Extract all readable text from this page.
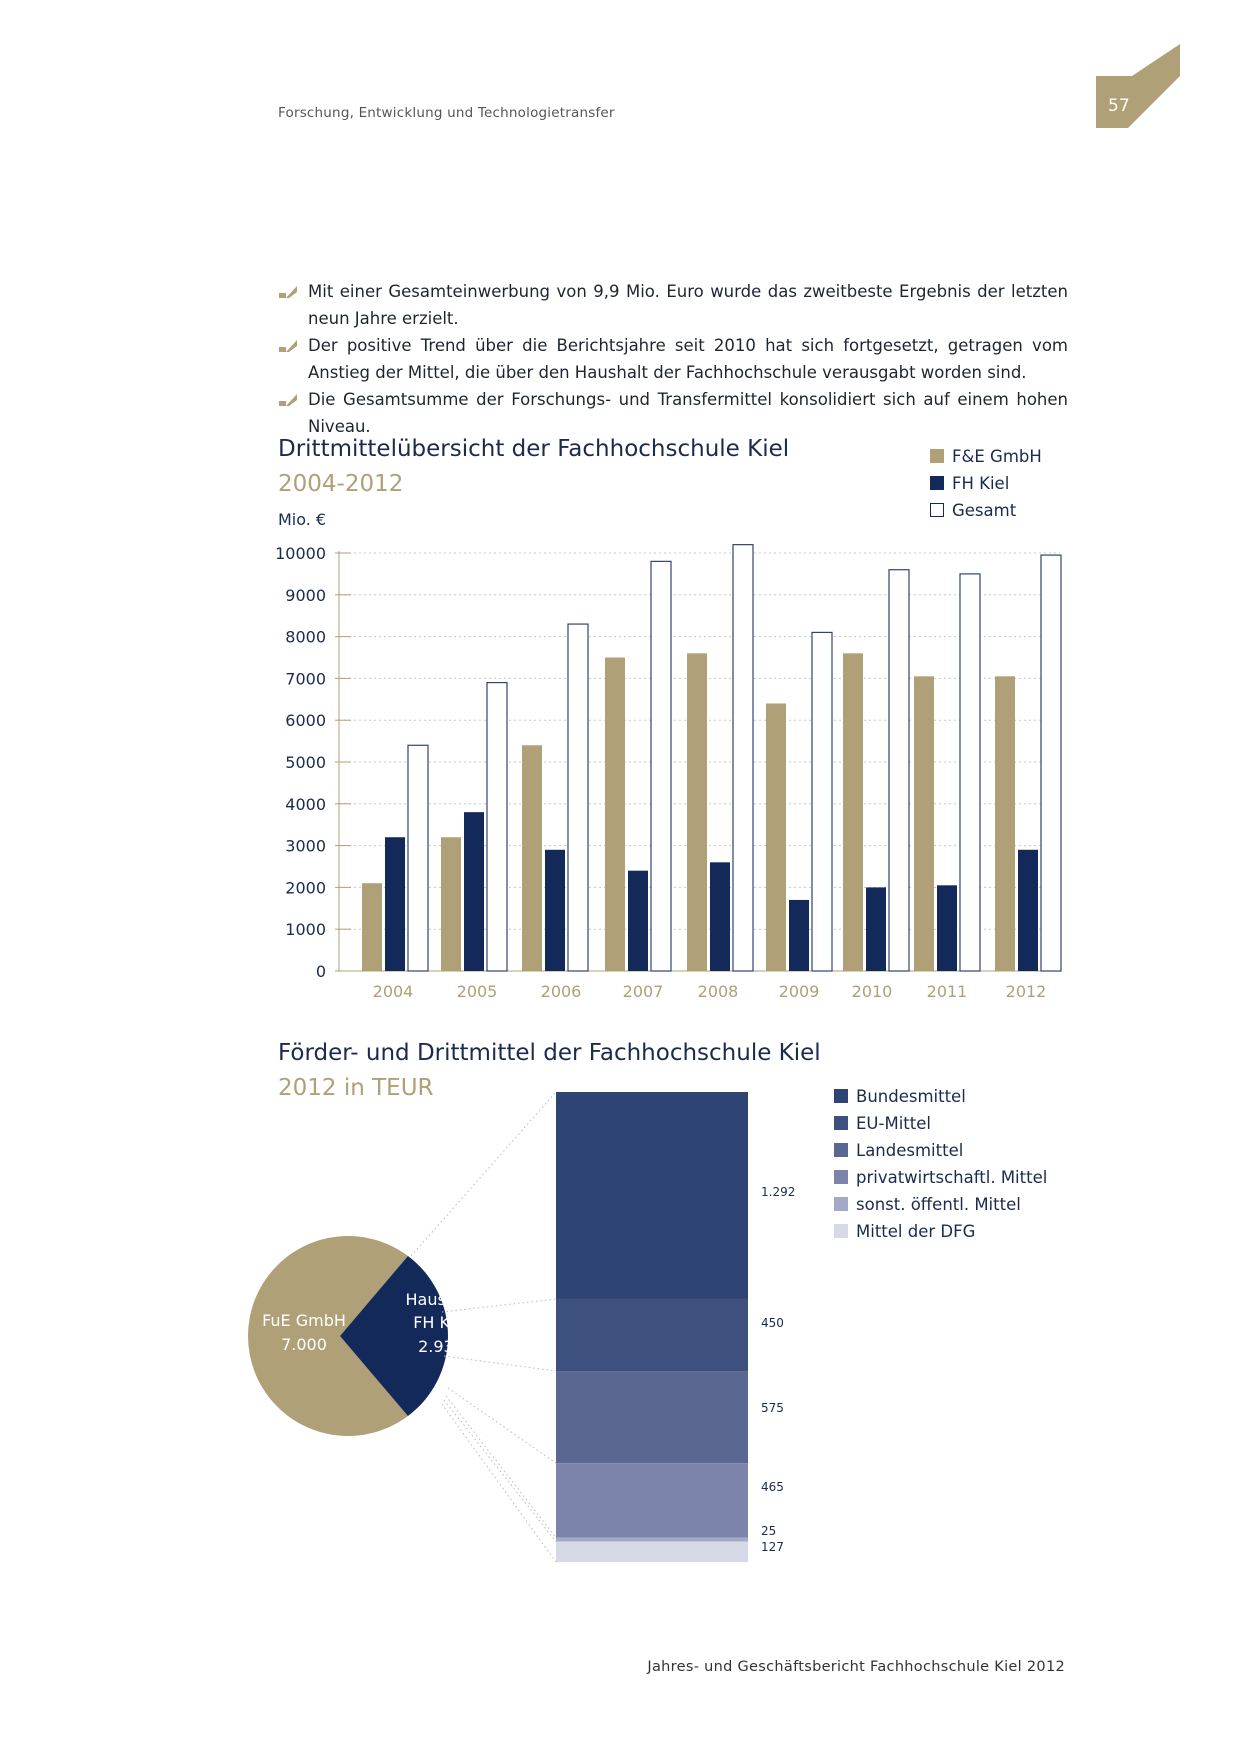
Forschung, Entwicklung und Technologietransfer	57
Mit einer Gesamteinwerbung von 9,9 Mio. Euro wurde das zweitbeste Ergebnis der letzten neun Jahre erzielt.
Der positive Trend über die Berichtsjahre seit 2010 hat sich fortgesetzt, getragen vom Anstieg der Mittel, die über den Haushalt der Fachhochschule verausgabt worden sind.
Die Gesamtsumme der Forschungs- und Transfermittel konsolidiert sich auf einem hohen Niveau.
Drittmittelübersicht der Fachhochschule Kiel
2004-2012
Mio. €
F&E GmbH
FH Kiel
Gesamt
0
1000
2000
3000
4000
5000
6000
7000
8000
9000
10000
2004	2005	2006	2007 2008	2009 2010 2011 2012
Förder- und Drittmittel der Fachhochschule Kiel
2012 in TEUR	Bundesmittel
EU-Mittel
Landesmittel
privatwirtschaftl. Mittel
sonst. öffentl. Mittel
Mittel der DFG
FuE GmbH
7.000
Haushalt
FH Kiel
2.934
1.292
450
575
465
25
127
Jahres- und Geschäftsbericht Fachhochschule Kiel 2012
